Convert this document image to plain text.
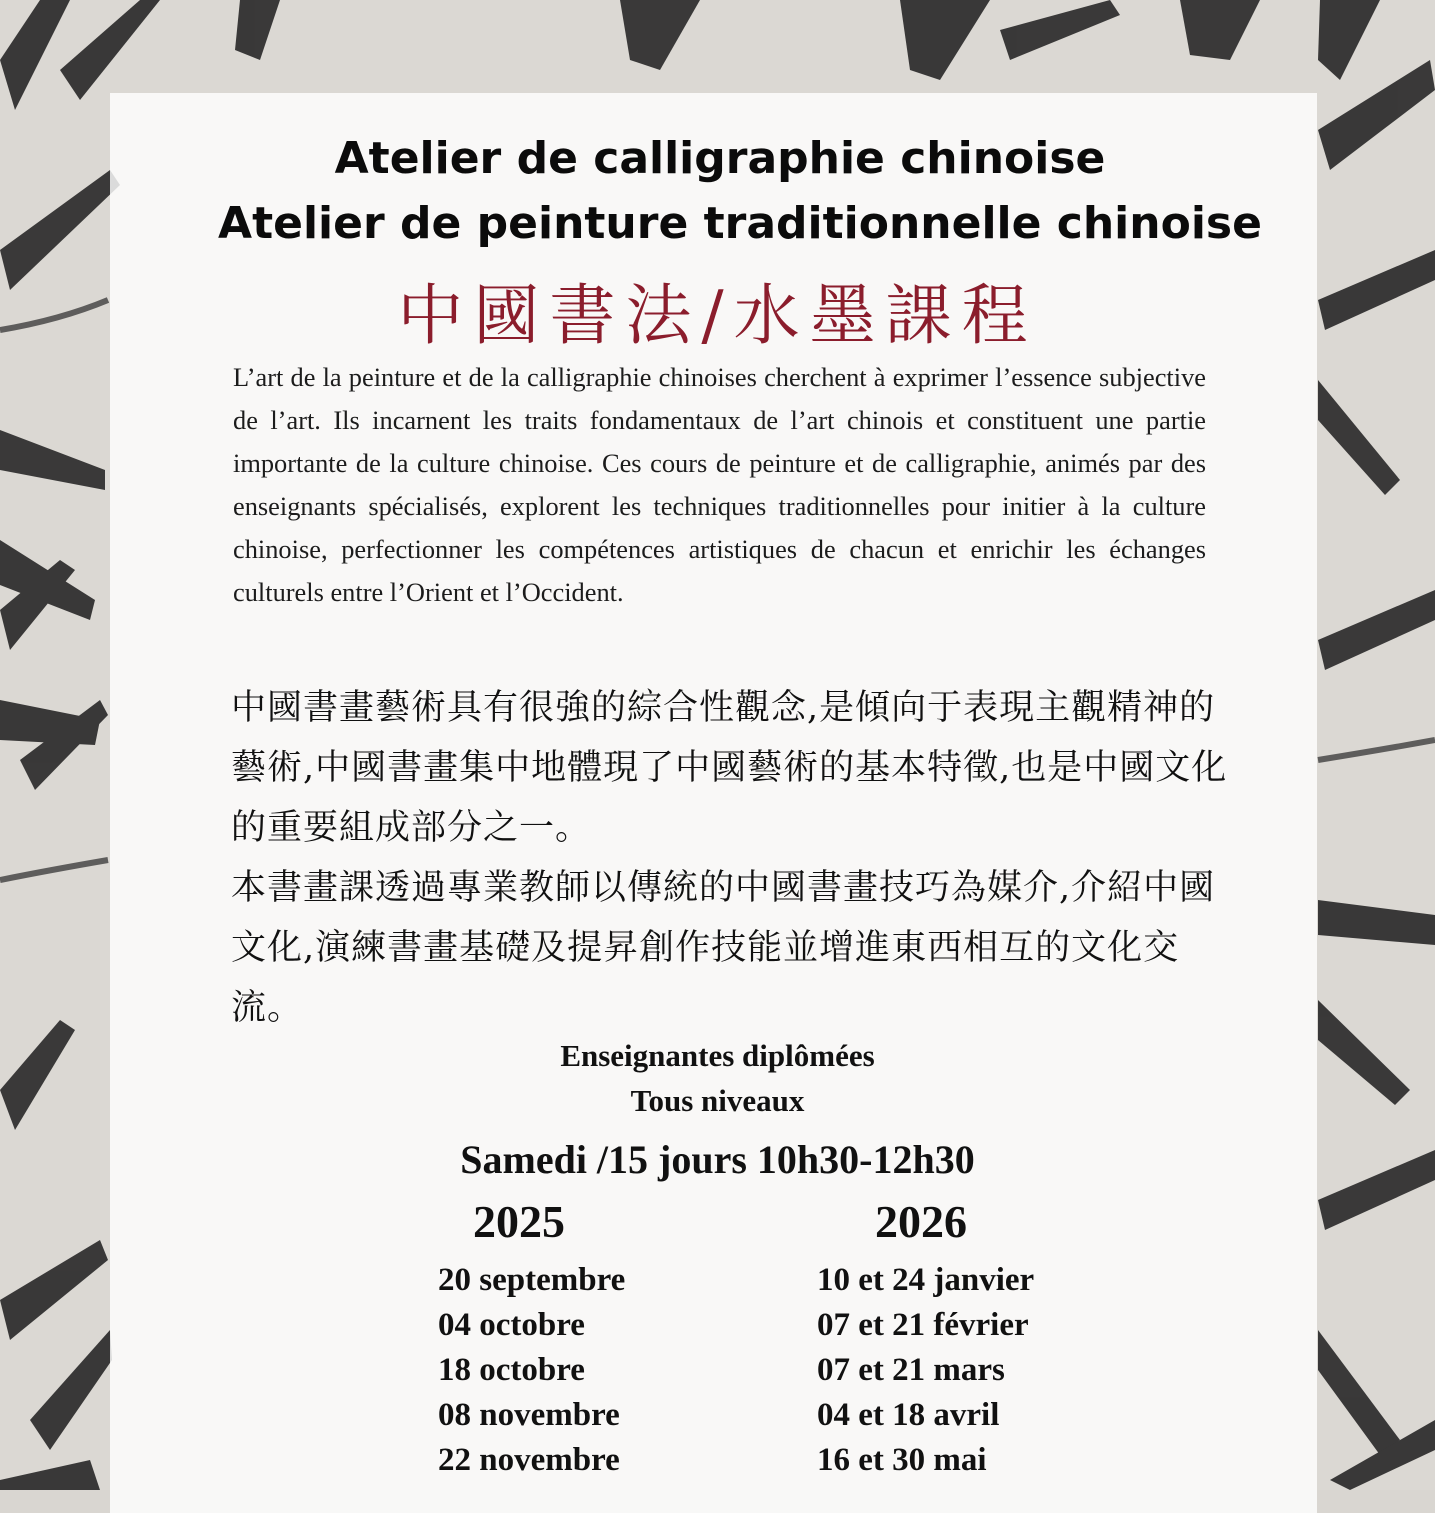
Atelier de calligraphie chinoise
Atelier de peinture traditionnelle chinoise
中國書法/水墨課程

L’art de la peinture et de la calligraphie chinoises cherchent à exprimer l’essence subjective de l’art. Ils incarnent les traits fondamentaux de l’art chinois et constituent une partie importante de la culture chinoise. Ces cours de peinture et de calligraphie, animés par des enseignants spécialisés, explorent les techniques traditionnelles pour initier à la culture chinoise, perfectionner les compétences artistiques de chacun et enrichir les échanges culturels entre l’Orient et l’Occident.

中國書畫藝術具有很強的綜合性觀念,是傾向于表現主觀精神的藝術,中國書畫集中地體現了中國藝術的基本特徵,也是中國文化的重要組成部分之一。

本書畫課透過專業教師以傳統的中國書畫技巧為媒介,介紹中國文化,演練書畫基礎及提昇創作技能並增進東西相互的文化交流。

Enseignantes diplômées
Tous niveaux
Samedi /15 jours 10h30-12h30
2025	2026
20 septembre
04 octobre
18 octobre
08 novembre
22 novembre
10 et 24 janvier
07 et 21 février
07 et 21 mars
04 et 18 avril
16 et 30 mai
